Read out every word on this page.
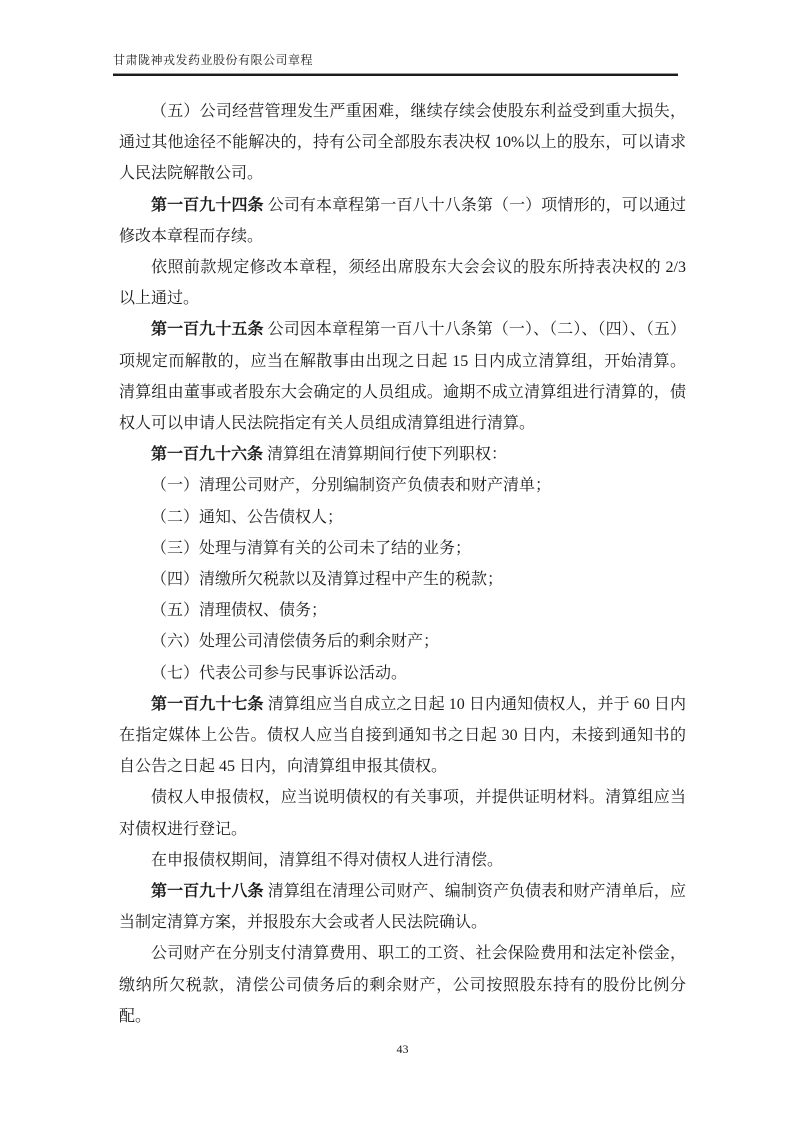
甘肃陇神戎发药业股份有限公司章程

（五）公司经营管理发生严重困难，继续存续会使股东利益受到重大损失，通过其他途径不能解决的，持有公司全部股东表决权 10%以上的股东，可以请求人民法院解散公司。

第一百九十四条 公司有本章程第一百八十八条第（一）项情形的，可以通过修改本章程而存续。

依照前款规定修改本章程，须经出席股东大会会议的股东所持表决权的 2/3 以上通过。

第一百九十五条 公司因本章程第一百八十八条第（一）、（二）、（四）、（五）项规定而解散的，应当在解散事由出现之日起 15 日内成立清算组，开始清算。清算组由董事或者股东大会确定的人员组成。逾期不成立清算组进行清算的，债权人可以申请人民法院指定有关人员组成清算组进行清算。

第一百九十六条 清算组在清算期间行使下列职权：

（一）清理公司财产，分别编制资产负债表和财产清单；

（二）通知、公告债权人；

（三）处理与清算有关的公司未了结的业务；

（四）清缴所欠税款以及清算过程中产生的税款；

（五）清理债权、债务；

（六）处理公司清偿债务后的剩余财产；

（七）代表公司参与民事诉讼活动。

第一百九十七条 清算组应当自成立之日起 10 日内通知债权人，并于 60 日内在指定媒体上公告。债权人应当自接到通知书之日起 30 日内，未接到通知书的自公告之日起 45 日内，向清算组申报其债权。

债权人申报债权，应当说明债权的有关事项，并提供证明材料。清算组应当对债权进行登记。

在申报债权期间，清算组不得对债权人进行清偿。

第一百九十八条 清算组在清理公司财产、编制资产负债表和财产清单后，应当制定清算方案，并报股东大会或者人民法院确认。

公司财产在分别支付清算费用、职工的工资、社会保险费用和法定补偿金，缴纳所欠税款，清偿公司债务后的剩余财产，公司按照股东持有的股份比例分配。

43
